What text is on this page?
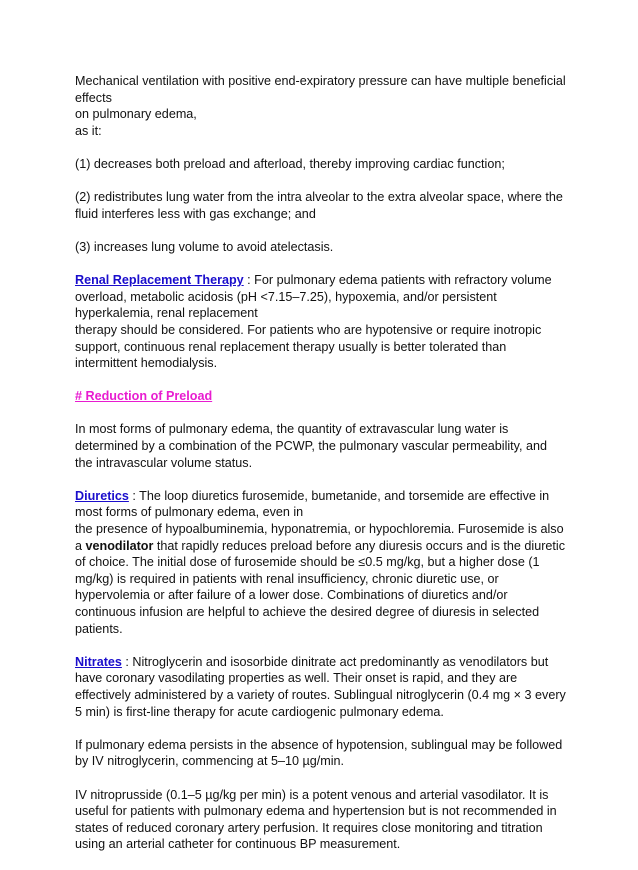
Mechanical ventilation with positive end-expiratory pressure can have multiple beneficial effects
on pulmonary edema,
as it:

(1) decreases both preload and afterload, thereby improving cardiac function;

(2) redistributes lung water from the intra alveolar to the extra alveolar space, where the fluid interferes less with gas exchange; and

(3) increases lung volume to avoid atelectasis.

Renal Replacement Therapy : For pulmonary edema patients with refractory volume overload, metabolic acidosis (pH <7.15–7.25), hypoxemia, and/or persistent hyperkalemia, renal replacement

therapy should be considered. For patients who are hypotensive or require inotropic support, continuous renal replacement therapy usually is better tolerated than intermittent hemodialysis.

# Reduction of Preload

In most forms of pulmonary edema, the quantity of extravascular lung water is determined by a combination of the PCWP, the pulmonary vascular permeability, and the intravascular volume status.

Diuretics : The loop diuretics furosemide, bumetanide, and torsemide are effective in most forms of pulmonary edema, even in

the presence of hypoalbuminemia, hyponatremia, or hypochloremia. Furosemide is also a venodilator that rapidly reduces preload before any diuresis occurs and is the diuretic of choice. The initial dose of furosemide should be ≤0.5 mg/kg, but a higher dose (1 mg/kg) is required in patients with renal insufficiency, chronic diuretic use, or hypervolemia or after failure of a lower dose. Combinations of diuretics and/or continuous infusion are helpful to achieve the desired degree of diuresis in selected patients.

Nitrates : Nitroglycerin and isosorbide dinitrate act predominantly as venodilators but have coronary vasodilating properties as well. Their onset is rapid, and they are effectively administered by a variety of routes. Sublingual nitroglycerin (0.4 mg × 3 every 5 min) is first-line therapy for acute cardiogenic pulmonary edema.

If pulmonary edema persists in the absence of hypotension, sublingual may be followed by IV nitroglycerin, commencing at 5–10 µg/min.

IV nitroprusside (0.1–5 µg/kg per min) is a potent venous and arterial vasodilator. It is useful for patients with pulmonary edema and hypertension but is not recommended in states of reduced coronary artery perfusion. It requires close monitoring and titration using an arterial catheter for continuous BP measurement.
